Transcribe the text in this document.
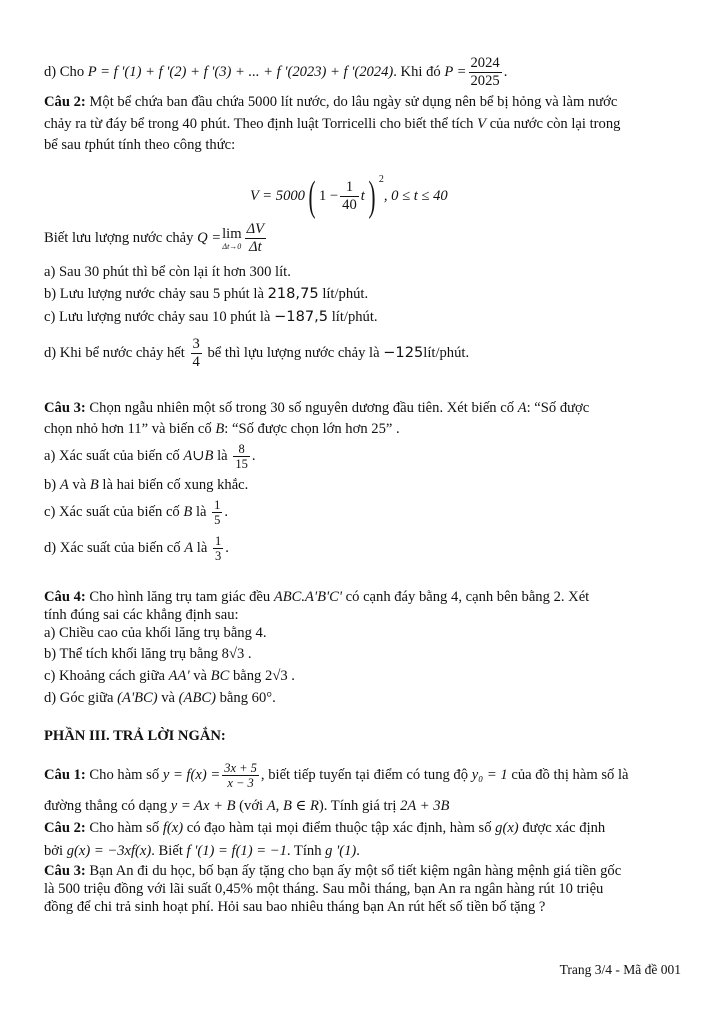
d) Cho P = f '(1) + f '(2) + f '(3) + ... + f '(2023) + f '(2024). Khi đó $P = \frac{2024}{2025}$ .
Câu 2: Một bể chứa ban đầu chứa 5000 lít nước, do lâu ngày sử dụng nên bể bị hỏng và làm nước
chảy ra từ đáy bể trong 40 phút. Theo định luật Torricelli cho biết thể tích V của nước còn lại trong
bể sau tphút tính theo công thức:
V = 5000( $1 - \frac{1}{40} t$) $^2$, 0 ≤ t ≤ 40
Biết lưu lượng nước chảy Q = lim
$\Delta t\to 0 \frac{\Delta V}{\Delta t}$
a) Sau 30 phút thì bể còn lại ít hơn 300 lít.
b) Lưu lượng nước chảy sau 5 phút là 218,75 lít/phút.
c) Lưu lượng nước chảy sau 10 phút là −187,5 lít/phút.
d) Khi bể nước chảy hết $\frac{3}{4}$ bể thì lựu lượng nước chảy là −125lít/phút.
Câu 3: Chọn ngẫu nhiên một số trong 30 số nguyên dương đầu tiên. Xét biến cố A: “Số được
chọn nhỏ hơn 11” và biến cố B: “Số được chọn lớn hơn 25” .
a) Xác suất của biến cố A∪B là $\frac{8}{15}$ .
b) A và B là hai biến cố xung khắc.
c) Xác suất của biến cố B là $\frac{1}{5}$ .
d) Xác suất của biến cố A là $\frac{1}{3}$ .
Câu 4: Cho hình lăng trụ tam giác đều ABC.A'B'C' có cạnh đáy bằng 4, cạnh bên bằng 2. Xét
tính đúng sai các khẳng định sau:
a) Chiều cao của khối lăng trụ bằng 4.
b) Thể tích khối lăng trụ bằng 8√3 .
c) Khoảng cách giữa AA' và BC bằng 2√3 .
d) Góc giữa (A'BC) và (ABC) bằng 60°.
PHẦN III. TRẢ LỜI NGẮN:
Câu 1: Cho hàm số $y = f(x) = \frac{3x + 5}{x - 3}$ , biết tiếp tuyến tại điểm có tung độ y₀ = 1 của đồ thị hàm số là
đường thẳng có dạng y = Ax + B (với A, B ∈ R). Tính giá trị 2A + 3B
Câu 2: Cho hàm số f(x) có đạo hàm tại mọi điểm thuộc tập xác định, hàm số g(x) được xác định
bởi g(x) = −3xf(x). Biết f '(1) = f(1) = −1. Tính g '(1).
Câu 3: Bạn An đi du học, bố bạn ấy tặng cho bạn ấy một sổ tiết kiệm ngân hàng mệnh giá tiền gốc
là 500 triệu đồng với lãi suất 0,45% một tháng. Sau mỗi tháng, bạn An ra ngân hàng rút 10 triệu
đồng để chi trả sinh hoạt phí. Hỏi sau bao nhiêu tháng bạn An rút hết số tiền bố tặng ?
Trang 3/4 - Mã đề 001
